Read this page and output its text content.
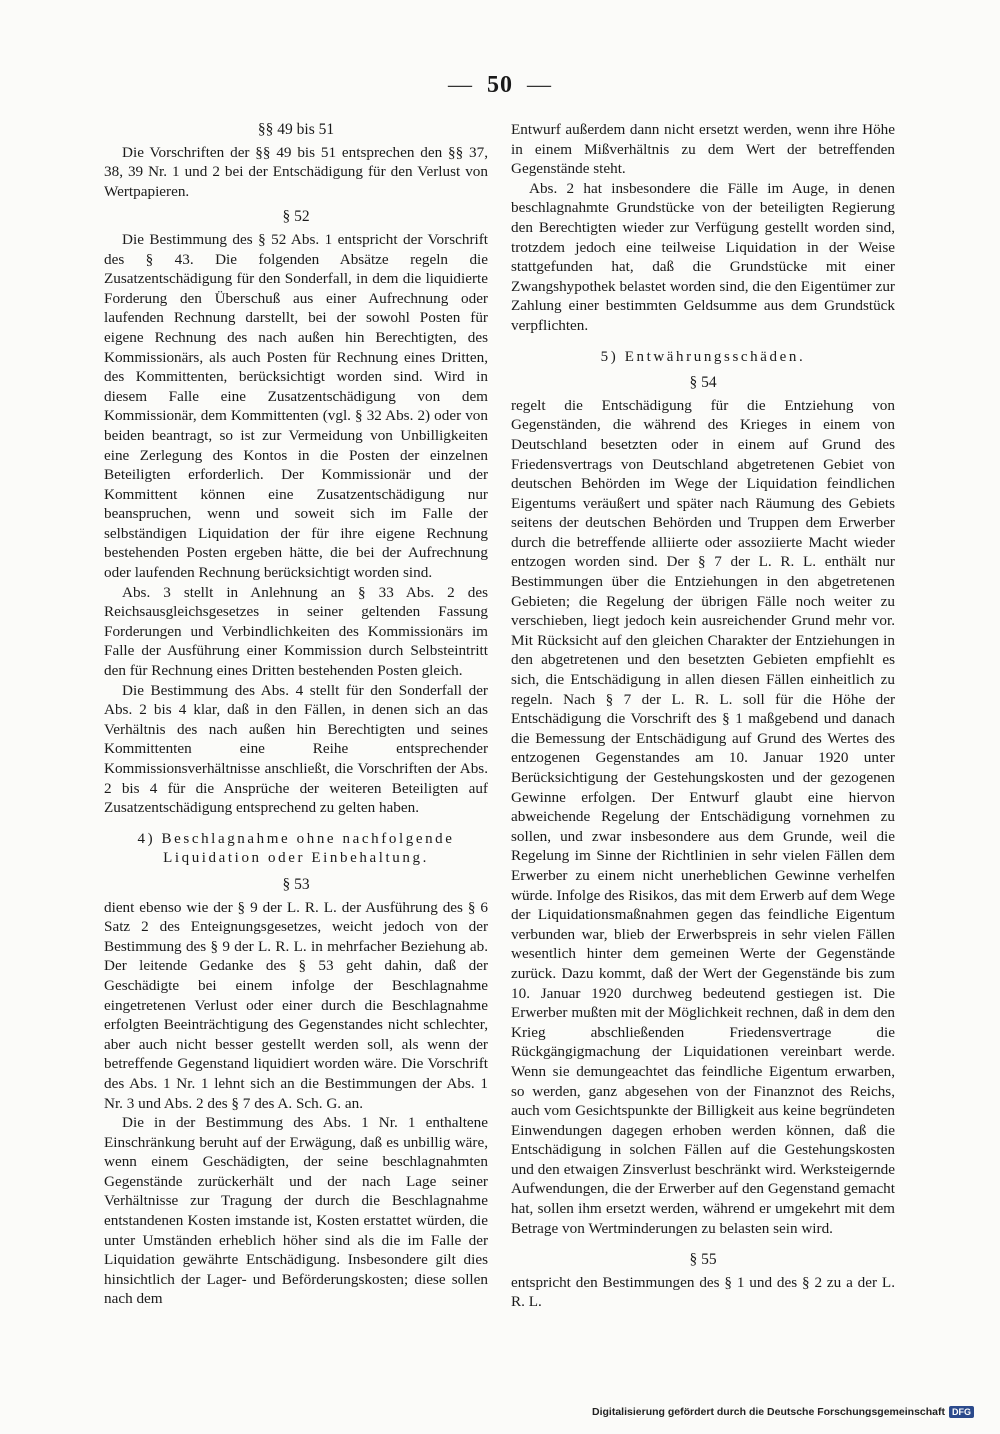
— 50 —
§§ 49 bis 51

Die Vorschriften der §§ 49 bis 51 entsprechen den §§ 37, 38, 39 Nr. 1 und 2 bei der Entschädigung für den Verlust von Wertpapieren.

§ 52

Die Bestimmung des § 52 Abs. 1 entspricht der Vorschrift des § 43. Die folgenden Absätze regeln die Zusatzentschädigung für den Sonderfall, in dem die liquidierte Forderung den Überschuß aus einer Aufrechnung oder laufenden Rechnung darstellt, bei der sowohl Posten für eigene Rechnung des nach außen hin Berechtigten, des Kommissionärs, als auch Posten für Rechnung eines Dritten, des Kommittenten, berücksichtigt worden sind. Wird in diesem Falle eine Zusatzentschädigung von dem Kommissionär, dem Kommittenten (vgl. § 32 Abs. 2) oder von beiden beantragt, so ist zur Vermeidung von Unbilligkeiten eine Zerlegung des Kontos in die Posten der einzelnen Beteiligten erforderlich. Der Kommissionär und der Kommittent können eine Zusatzentschädigung nur beanspruchen, wenn und soweit sich im Falle der selbständigen Liquidation der für ihre eigene Rechnung bestehenden Posten ergeben hätte, die bei der Aufrechnung oder laufenden Rechnung berücksichtigt worden sind.

Abs. 3 stellt in Anlehnung an § 33 Abs. 2 des Reichsausgleichsgesetzes in seiner geltenden Fassung Forderungen und Verbindlichkeiten des Kommissionärs im Falle der Ausführung einer Kommission durch Selbsteintritt den für Rechnung eines Dritten bestehenden Posten gleich.

Die Bestimmung des Abs. 4 stellt für den Sonderfall der Abs. 2 bis 4 klar, daß in den Fällen, in denen sich an das Verhältnis des nach außen hin Berechtigten und seines Kommittenten eine Reihe entsprechender Kommissionsverhältnisse anschließt, die Vorschriften der Abs. 2 bis 4 für die Ansprüche der weiteren Beteiligten auf Zusatzentschädigung entsprechend zu gelten haben.

4) Beschlagnahme ohne nachfolgende
Liquidation oder Einbehaltung.
§ 53

dient ebenso wie der § 9 der L. R. L. der Ausführung des § 6 Satz 2 des Enteignungsgesetzes, weicht jedoch von der Bestimmung des § 9 der L. R. L. in mehrfacher Beziehung ab. Der leitende Gedanke des § 53 geht dahin, daß der Geschädigte bei einem infolge der Beschlagnahme eingetretenen Verlust oder einer durch die Beschlagnahme erfolgten Beeinträchtigung des Gegenstandes nicht schlechter, aber auch nicht besser gestellt werden soll, als wenn der betreffende Gegenstand liquidiert worden wäre. Die Vorschrift des Abs. 1 Nr. 1 lehnt sich an die Bestimmungen der Abs. 1 Nr. 3 und Abs. 2 des § 7 des A. Sch. G. an.

Die in der Bestimmung des Abs. 1 Nr. 1 enthaltene Einschränkung beruht auf der Erwägung, daß es unbillig wäre, wenn einem Geschädigten, der seine beschlagnahmten Gegenstände zurückerhält und der nach Lage seiner Verhältnisse zur Tragung der durch die Beschlagnahme entstandenen Kosten imstande ist, Kosten erstattet würden, die unter Umständen erheblich höher sind als die im Falle der Liquidation gewährte Entschädigung. Insbesondere gilt dies hinsichtlich der Lager- und Beförderungskosten; diese sollen nach dem

Entwurf außerdem dann nicht ersetzt werden, wenn ihre Höhe in einem Mißverhältnis zu dem Wert der betreffenden Gegenstände steht.

Abs. 2 hat insbesondere die Fälle im Auge, in denen beschlagnahmte Grundstücke von der beteiligten Regierung den Berechtigten wieder zur Verfügung gestellt worden sind, trotzdem jedoch eine teilweise Liquidation in der Weise stattgefunden hat, daß die Grundstücke mit einer Zwangshypothek belastet worden sind, die den Eigentümer zur Zahlung einer bestimmten Geldsumme aus dem Grundstück verpflichten.

5) Entwährungsschäden.
§ 54

regelt die Entschädigung für die Entziehung von Gegenständen, die während des Krieges in einem von Deutschland besetzten oder in einem auf Grund des Friedensvertrags von Deutschland abgetretenen Gebiet von deutschen Behörden im Wege der Liquidation feindlichen Eigentums veräußert und später nach Räumung des Gebiets seitens der deutschen Behörden und Truppen dem Erwerber durch die betreffende alliierte oder assoziierte Macht wieder entzogen worden sind. Der § 7 der L. R. L. enthält nur Bestimmungen über die Entziehungen in den abgetretenen Gebieten; die Regelung der übrigen Fälle noch weiter zu verschieben, liegt jedoch kein ausreichender Grund mehr vor. Mit Rücksicht auf den gleichen Charakter der Entziehungen in den abgetretenen und den besetzten Gebieten empfiehlt es sich, die Entschädigung in allen diesen Fällen einheitlich zu regeln. Nach § 7 der L. R. L. soll für die Höhe der Entschädigung die Vorschrift des § 1 maßgebend und danach die Bemessung der Entschädigung auf Grund des Wertes des entzogenen Gegenstandes am 10. Januar 1920 unter Berücksichtigung der Gestehungskosten und der gezogenen Gewinne erfolgen. Der Entwurf glaubt eine hiervon abweichende Regelung der Entschädigung vornehmen zu sollen, und zwar insbesondere aus dem Grunde, weil die Regelung im Sinne der Richtlinien in sehr vielen Fällen dem Erwerber zu einem nicht unerheblichen Gewinne verhelfen würde. Infolge des Risikos, das mit dem Erwerb auf dem Wege der Liquidationsmaßnahmen gegen das feindliche Eigentum verbunden war, blieb der Erwerbspreis in sehr vielen Fällen wesentlich hinter dem gemeinen Werte der Gegenstände zurück. Dazu kommt, daß der Wert der Gegenstände bis zum 10. Januar 1920 durchweg bedeutend gestiegen ist. Die Erwerber mußten mit der Möglichkeit rechnen, daß in dem den Krieg abschließenden Friedensvertrage die Rückgängigmachung der Liquidationen vereinbart werde. Wenn sie demungeachtet das feindliche Eigentum erwarben, so werden, ganz abgesehen von der Finanznot des Reichs, auch vom Gesichtspunkte der Billigkeit aus keine begründeten Einwendungen dagegen erhoben werden können, daß die Entschädigung in solchen Fällen auf die Gestehungskosten und den etwaigen Zinsverlust beschränkt wird. Werksteigernde Aufwendungen, die der Erwerber auf den Gegenstand gemacht hat, sollen ihm ersetzt werden, während er umgekehrt mit dem Betrage von Wertminderungen zu belasten sein wird.

§ 55

entspricht den Bestimmungen des § 1 und des § 2 zu a der L. R. L.

Digitalisierung gefördert durch die Deutsche Forschungsgemeinschaft DFG
